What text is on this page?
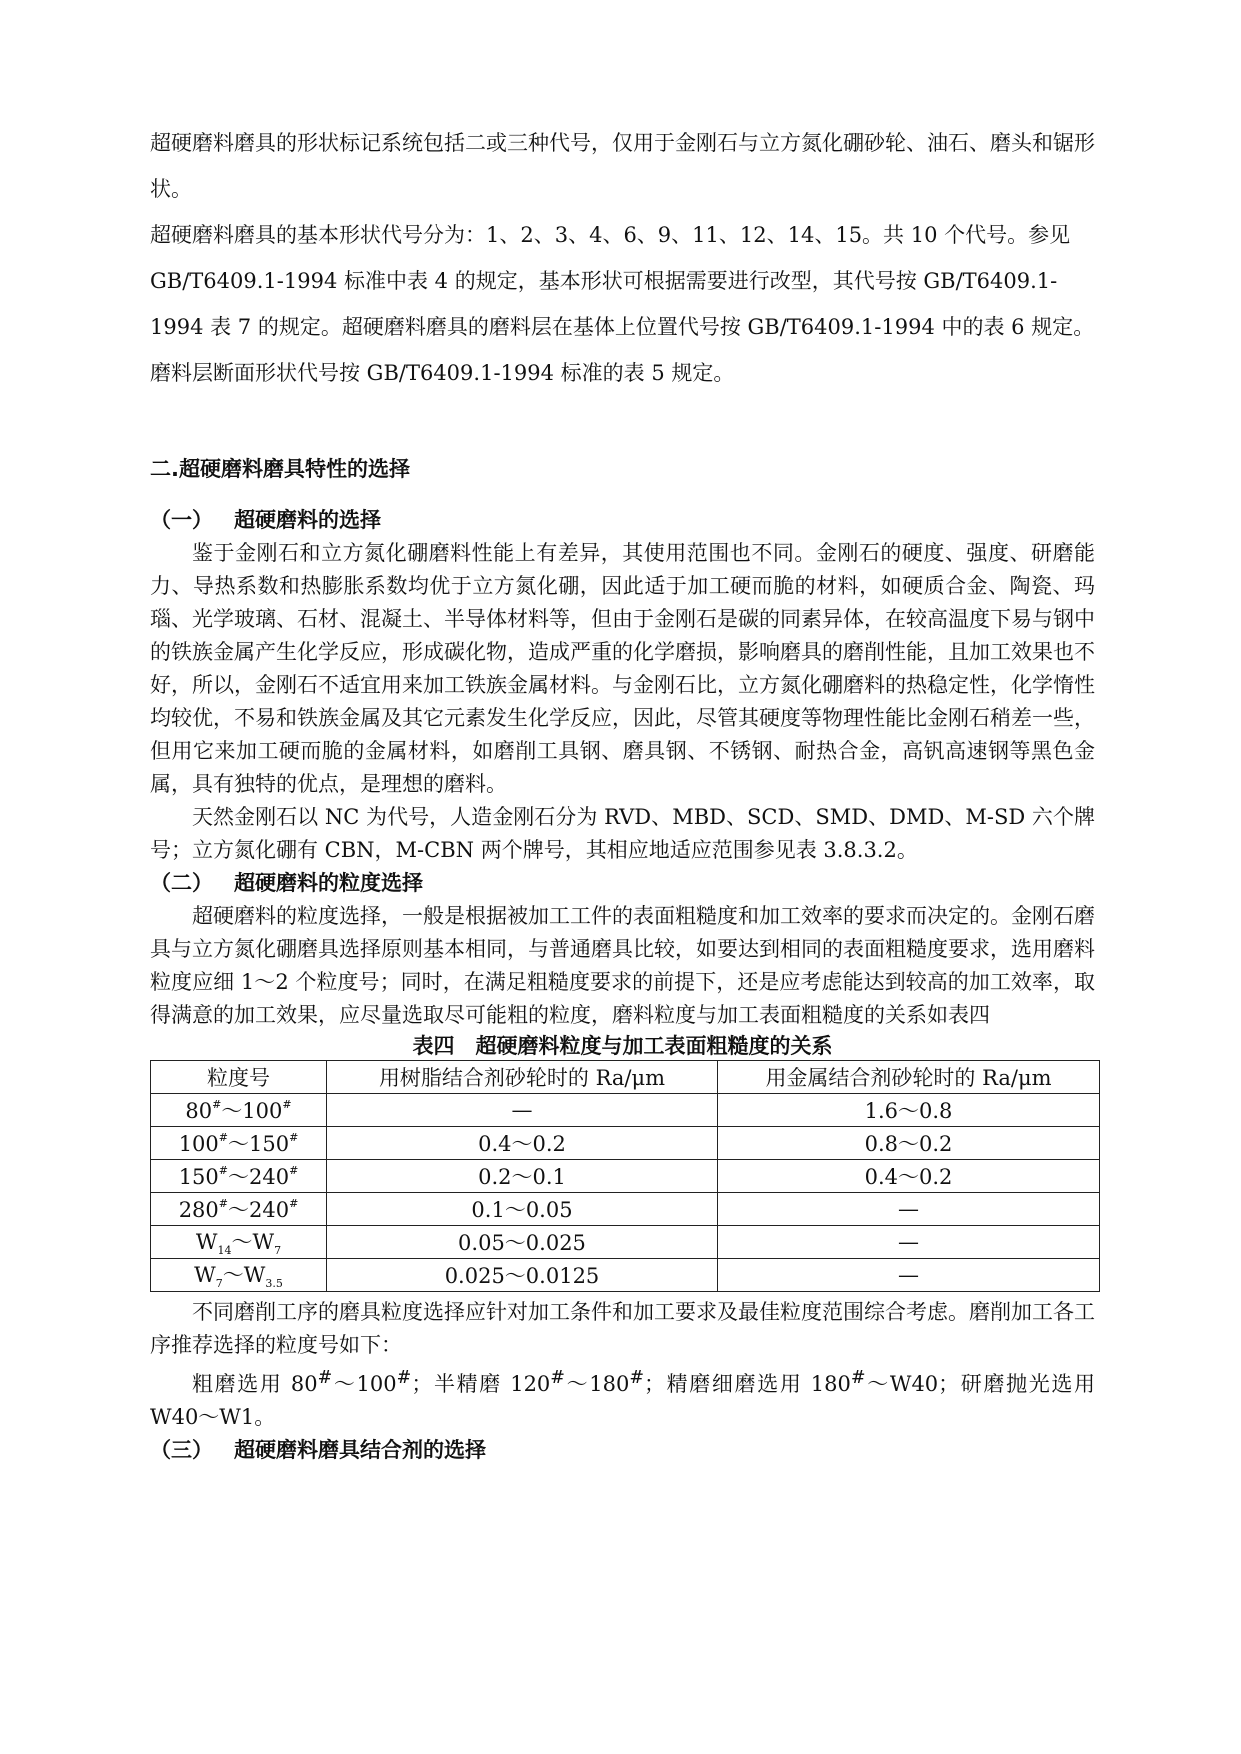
超硬磨料磨具的形状标记系统包括二或三种代号，仅用于金刚石与立方氮化硼砂轮、油石、磨头和锯形状。

超硬磨料磨具的基本形状代号分为：1、2、3、4、6、9、11、12、14、15。共 10 个代号。参见 GB/T6409.1-1994 标准中表 4 的规定，基本形状可根据需要进行改型，其代号按 GB/T6409.1-1994 表 7 的规定。超硬磨料磨具的磨料层在基体上位置代号按 GB/T6409.1-1994 中的表 6 规定。磨料层断面形状代号按 GB/T6409.1-1994 标准的表 5 规定。

二.超硬磨料磨具特性的选择

（一） 超硬磨料的选择

鉴于金刚石和立方氮化硼磨料性能上有差异，其使用范围也不同。金刚石的硬度、强度、研磨能力、导热系数和热膨胀系数均优于立方氮化硼，因此适于加工硬而脆的材料，如硬质合金、陶瓷、玛瑙、光学玻璃、石材、混凝土、半导体材料等，但由于金刚石是碳的同素异体，在较高温度下易与钢中的铁族金属产生化学反应，形成碳化物，造成严重的化学磨损，影响磨具的磨削性能，且加工效果也不好，所以，金刚石不适宜用来加工铁族金属材料。与金刚石比，立方氮化硼磨料的热稳定性，化学惰性均较优，不易和铁族金属及其它元素发生化学反应，因此，尽管其硬度等物理性能比金刚石稍差一些，但用它来加工硬而脆的金属材料，如磨削工具钢、磨具钢、不锈钢、耐热合金，高钒高速钢等黑色金属，具有独特的优点，是理想的磨料。

天然金刚石以 NC 为代号，人造金刚石分为 RVD、MBD、SCD、SMD、DMD、M-SD 六个牌号；立方氮化硼有 CBN，M-CBN 两个牌号，其相应地适应范围参见表 3.8.3.2。

（二） 超硬磨料的粒度选择

超硬磨料的粒度选择，一般是根据被加工工件的表面粗糙度和加工效率的要求而决定的。金刚石磨具与立方氮化硼磨具选择原则基本相同，与普通磨具比较，如要达到相同的表面粗糙度要求，选用磨料粒度应细 1～2 个粒度号；同时，在满足粗糙度要求的前提下，还是应考虑能达到较高的加工效率，取得满意的加工效果，应尽量选取尽可能粗的粒度，磨料粒度与加工表面粗糙度的关系如表四

表四　超硬磨料粒度与加工表面粗糙度的关系

粒度号	用树脂结合剂砂轮时的 Ra/μm	用金属结合剂砂轮时的 Ra/μm
80#～100#	—	1.6～0.8
100#～150#	0.4～0.2	0.8～0.2
150#～240#	0.2～0.1	0.4～0.2
280#～240#	0.1～0.05	—
$W_{14}\sim W_7$	0.05～0.025	—
$W_7\sim W_{3.5}$	0.025～0.0125	—

不同磨削工序的磨具粒度选择应针对加工条件和加工要求及最佳粒度范围综合考虑。磨削加工各工序推荐选择的粒度号如下：

粗磨选用 80#～100#；半精磨 120#～180#；精磨细磨选用 180#～W40；研磨抛光选用 W40～W1。

（三） 超硬磨料磨具结合剂的选择
